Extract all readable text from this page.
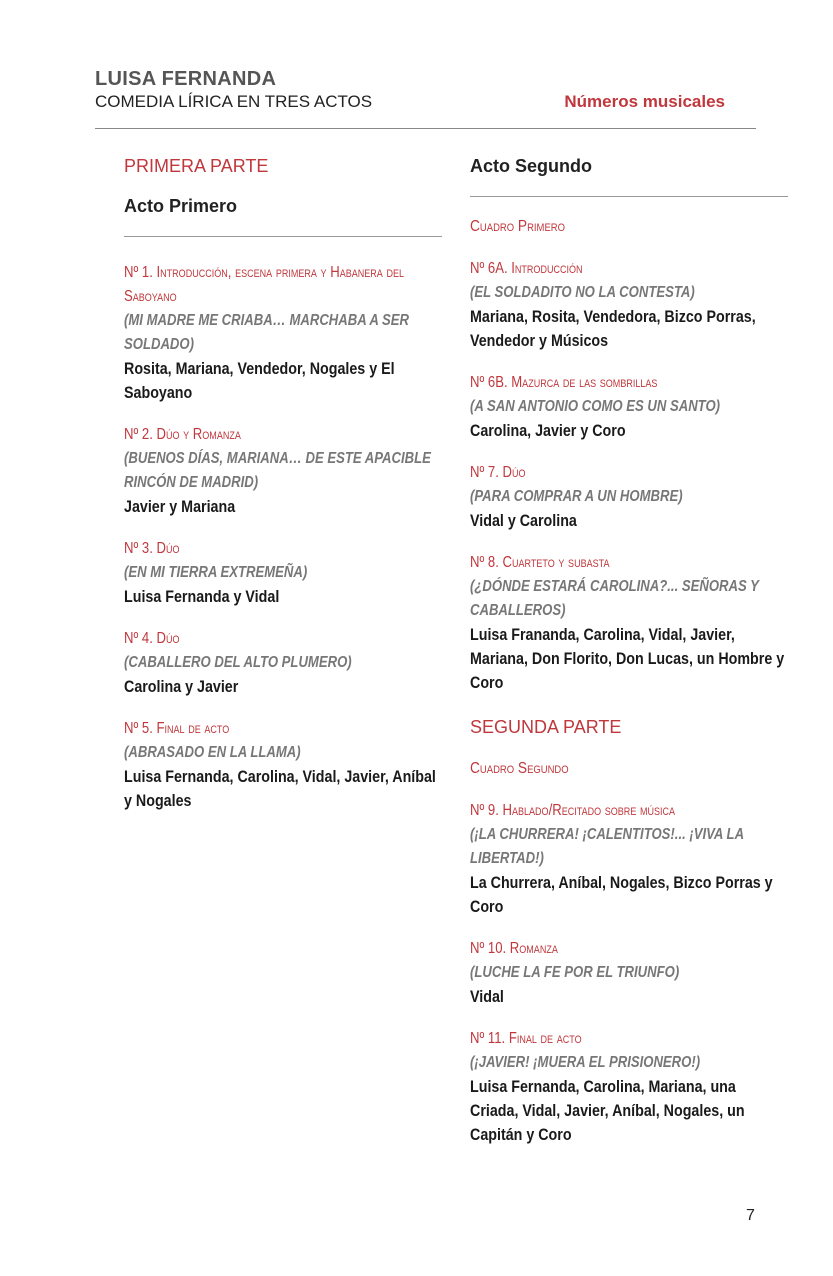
LUISA FERNANDA
COMEDIA LÍRICA EN TRES ACTOS	Números musicales
PRIMERA PARTE
Acto Primero
Nº 1. Introducción, escena primera y Habanera del Saboyano
(MI MADRE ME CRIABA… MARCHABA A SER SOLDADO)
Rosita, Mariana, Vendedor, Nogales y El Saboyano
Nº 2. Dúo y Romanza
(BUENOS DÍAS, MARIANA… DE ESTE APACIBLE RINCÓN DE MADRID)
Javier y Mariana
Nº 3. Dúo
(EN MI TIERRA EXTREMEÑA)
Luisa Fernanda y Vidal
Nº 4. Dúo
(CABALLERO DEL ALTO PLUMERO)
Carolina y Javier
Nº 5. Final de acto
(ABRASADO EN LA LLAMA)
Luisa Fernanda, Carolina, Vidal, Javier, Aníbal y Nogales
Acto Segundo
Cuadro Primero
Nº 6A. Introducción
(EL SOLDADITO NO LA CONTESTA)
Mariana, Rosita, Vendedora, Bizco Porras, Vendedor y Músicos
Nº 6B. Mazurca de las sombrillas
(A SAN ANTONIO COMO ES UN SANTO)
Carolina, Javier y Coro
Nº 7. Dúo
(PARA COMPRAR A UN HOMBRE)
Vidal y Carolina
Nº 8. Cuarteto y subasta
(¿DÓNDE ESTARÁ CAROLINA?... SEÑORAS Y CABALLEROS)
Luisa Frananda, Carolina, Vidal, Javier, Mariana, Don Florito, Don Lucas, un Hombre y Coro
SEGUNDA PARTE
Cuadro Segundo
Nº 9. Hablado/Recitado sobre música
(¡LA CHURRERA! ¡CALENTITOS!... ¡VIVA LA LIBERTAD!)
La Churrera, Aníbal, Nogales, Bizco Porras y Coro
Nº 10. Romanza
(LUCHE LA FE POR EL TRIUNFO)
Vidal
Nº 11. Final de acto
(¡JAVIER! ¡MUERA EL PRISIONERO!)
Luisa Fernanda, Carolina, Mariana, una Criada, Vidal, Javier, Aníbal, Nogales, un Capitán y Coro
7
